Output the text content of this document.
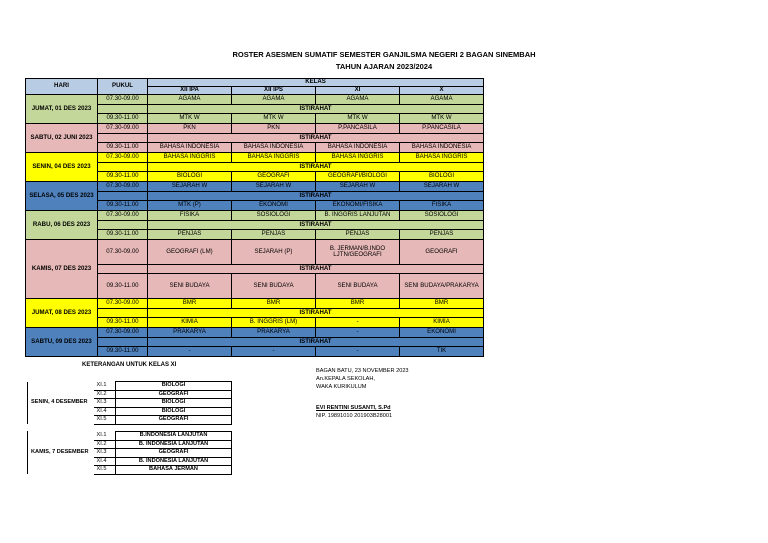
ROSTER ASESMEN SUMATIF SEMESTER GANJILSMA NEGERI 2 BAGAN SINEMBAH
TAHUN AJARAN 2023/2024
HARI	PUKUL	KELAS			
		XII IPA	XII IPS	XI	X
JUMAT, 01 DES 2023	07.30-09.00	AGAMA	AGAMA	AGAMA	AGAMA
		ISTIRAHAT			
	09.30-11.00	MTK W	MTK W	MTK W	MTK W
SABTU, 02 JUNI 2023	07.30-09.00	PKN	PKN	P.PANCASILA	P.PANCASILA
		ISTIRAHAT			
	09.30-11.00	BAHASA INDONESIA	BAHASA INDONESIA	BAHASA INDONESIA	BAHASA INDONESIA
SENIN, 04 DES 2023	07.30-09.00	BAHASA INGGRIS	BAHASA INGGRIS	BAHASA INGGRIS	BAHASA INGGRIS
		ISTIRAHAT			
	09.30-11.00	BIOLOGI	GEOGRAFI	GEOGRAFI/BIOLOGI	BIOLOGI
SELASA, 05 DES 2023	07.30-09.00	SEJARAH W	SEJARAH W	SEJARAH W	SEJARAH W
		ISTIRAHAT			
	09.30-11.00	MTK (P)	EKONOMI	EKONOMI/FISIKA	FISIKA
RABU, 06 DES 2023	07.30-09.00	FISIKA	SOSIOLOGI	B. INGGRIS LANJUTAN	SOSIOLOGI
		ISTIRAHAT			
	09.30-11.00	PENJAS	PENJAS	PENJAS	PENJAS
KAMIS, 07 DES 2023	07.30-09.00	GEOGRAFI (LM)	SEJARAH (P)	B. JERMAN/B.INDO LJTN/GEOGRAFI	GEOGRAFI
		ISTIRAHAT			
	09.30-11.00	SENI BUDAYA	SENI BUDAYA	SENI BUDAYA	SENI BUDAYA/PRAKARYA
JUMAT, 08 DES 2023	07.30-09.00	BMR	BMR	BMR	BMR
		ISTIRAHAT			
	09.30-11.00	KIMIA	B. INGGRIS (LM)	-	KIMIA
SABTU, 09 DES 2023	07.30-09.00	PRAKARYA	PRAKARYA	-	EKONOMI
		ISTIRAHAT			
	09.30-11.00	-	-	-	TIK
KETERANGAN UNTUK KELAS XI
	XI.1	BIOLOGI
	XI.2	GEOGRAFI
SENIN, 4 DESEMBER	XI.3	BIOLOGI
	XI.4	BIOLOGI
	XI.5	GEOGRAFI

	XI.1	B.INDONESIA LANJUTAN
	XI.2	B. INDONESIA LANJUTAN
KAMIS, 7 DESEMBER	XI.3	GEOGRAFI
	XI.4	B. INDONESIA LANJUTAN
	XI.5	BAHASA JERMAN
BAGAN BATU, 23 NOVEMBER 2023
An.KEPALA SEKOLAH,
WAKA KURIKULUM
EVI RENTINI SUSANTI, S.Pd
NIP. 19891010 201903B28001
